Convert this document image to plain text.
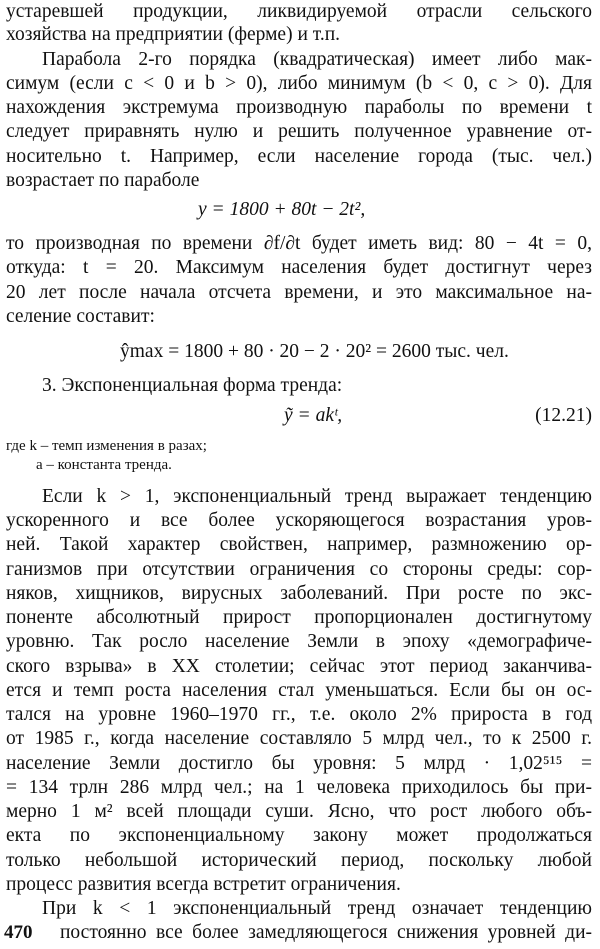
устаревшей продукции, ликвидируемой отрасли сельского
хозяйства на предприятии (ферме) и т.п.
Парабола 2-го порядка (квадратическая) имеет либо мак-
симум (если c < 0 и b > 0), либо минимум (b < 0, c > 0). Для
нахождения экстремума производную параболы по времени t
следует приравнять нулю и решить полученное уравнение от-
носительно t. Например, если население города (тыс. чел.)
возрастает по параболе
y = 1800 + 80t − 2t²,
то производная по времени ∂f/∂t будет иметь вид: 80 − 4t = 0,
откуда: t = 20. Максимум населения будет достигнут через
20 лет после начала отсчета времени, и это максимальное на-
селение составит:
ŷmax = 1800 + 80 · 20 − 2 · 20² = 2600 тыс. чел.
3. Экспоненциальная форма тренда:
ỹ = akᵗ,	(12.21)
где k – темп изменения в разах;
a – константа тренда.
Если k > 1, экспоненциальный тренд выражает тенденцию
ускоренного и все более ускоряющегося возрастания уров-
ней. Такой характер свойствен, например, размножению ор-
ганизмов при отсутствии ограничения со стороны среды: сор-
няков, хищников, вирусных заболеваний. При росте по экс-
поненте абсолютный прирост пропорционален достигнутому
уровню. Так росло население Земли в эпоху «демографиче-
ского взрыва» в XX столетии; сейчас этот период заканчива-
ется и темп роста населения стал уменьшаться. Если бы он ос-
тался на уровне 1960–1970 гг., т.е. около 2% прироста в год
от 1985 г., когда население составляло 5 млрд чел., то к 2500 г.
население Земли достигло бы уровня: 5 млрд · 1,02⁵¹⁵ =
= 134 трлн 286 млрд чел.; на 1 человека приходилось бы при-
мерно 1 м² всей площади суши. Ясно, что рост любого объ-
екта по экспоненциальному закону может продолжаться
только небольшой исторический период, поскольку любой
процесс развития всегда встретит ограничения.
При k < 1 экспоненциальный тренд означает тенденцию
постоянно все более замедляющегося снижения уровней ди-
470
